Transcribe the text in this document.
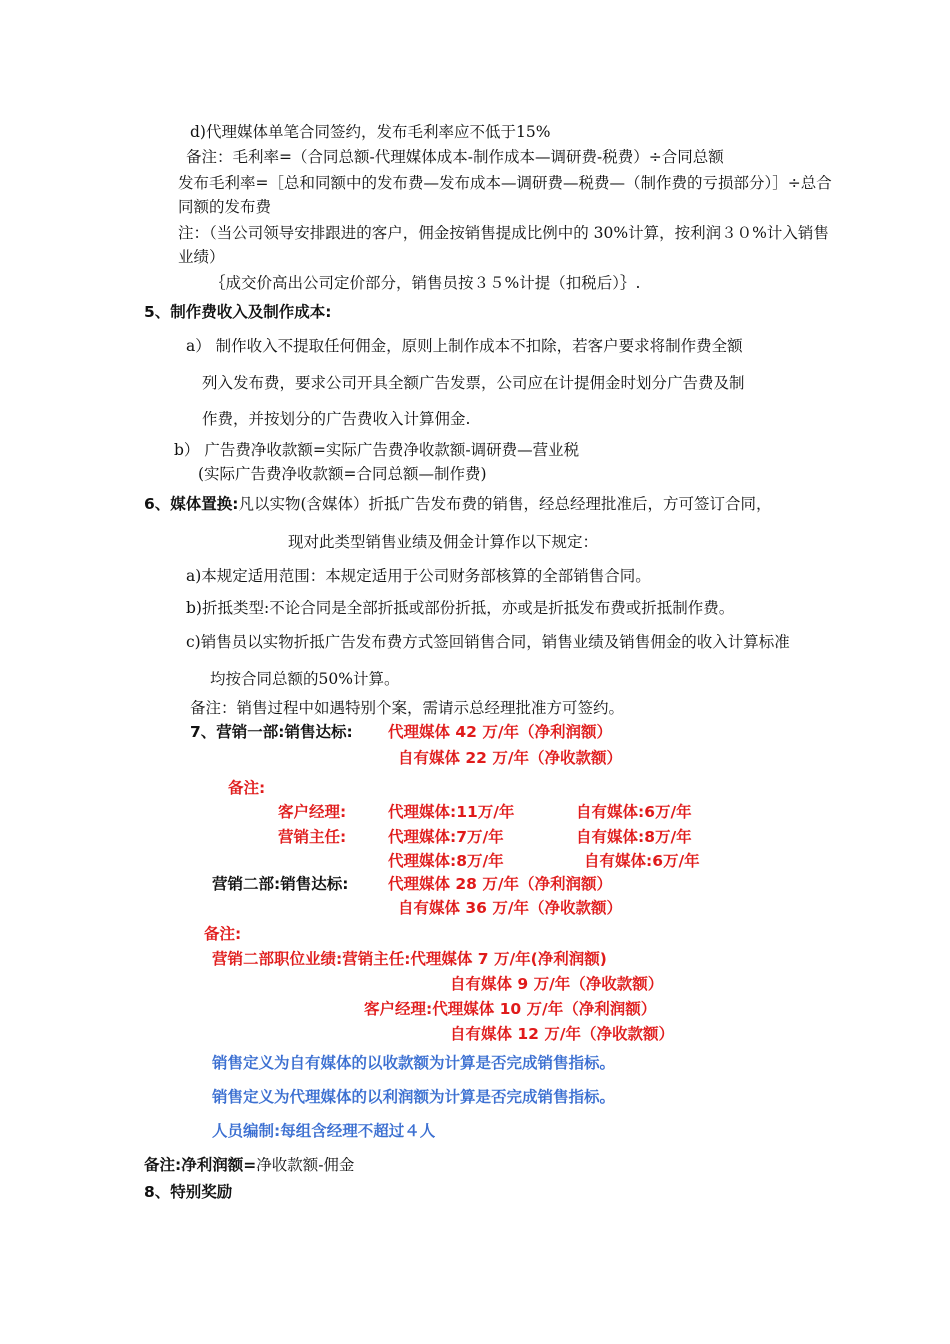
d)代理媒体单笔合同签约，发布毛利率应不低于15%
备注：毛利率=（合同总额-代理媒体成本-制作成本—调研费-税费）÷合同总额
发布毛利率=［总和同额中的发布费—发布成本—调研费—税费—（制作费的亏损部分）］÷总合
同额的发布费
注：（当公司领导安排跟进的客户，佣金按销售提成比例中的 30%计算，按利润３０%计入销售
业绩）
｛成交价高出公司定价部分，销售员按３５%计提（扣税后）｝.
5、制作费收入及制作成本:
a） 制作收入不提取任何佣金，原则上制作成本不扣除，若客户要求将制作费全额
列入发布费，要求公司开具全额广告发票，公司应在计提佣金时划分广告费及制
作费，并按划分的广告费收入计算佣金.
b） 广告费净收款额=实际广告费净收款额-调研费—营业税
(实际广告费净收款额=合同总额—制作费)
6、媒体置换:凡以实物(含媒体）折抵广告发布费的销售，经总经理批准后，方可签订合同，
现对此类型销售业绩及佣金计算作以下规定：
a)本规定适用范围：本规定适用于公司财务部核算的全部销售合同。
b)折抵类型:不论合同是全部折抵或部份折抵，亦或是折抵发布费或折抵制作费。
c)销售员以实物折抵广告发布费方式签回销售合同，销售业绩及销售佣金的收入计算标准
均按合同总额的50%计算。
备注：销售过程中如遇特别个案，需请示总经理批准方可签约。
7、营销一部:销售达标: 代理媒体 42 万/年（净利润额）
自有媒体 22 万/年（净收款额）
备注:
客户经理:	代理媒体:11万/年	自有媒体:6万/年
营销主任:	代理媒体:7万/年	自有媒体:8万/年
代理媒体:8万/年	自有媒体:6万/年
营销二部:销售达标:	代理媒体 28 万/年（净利润额）
自有媒体 36 万/年（净收款额）
备注:
营销二部职位业绩:营销主任:代理媒体 7 万/年(净利润额)
自有媒体 9 万/年（净收款额）
客户经理:代理媒体 10 万/年（净利润额）
自有媒体 12 万/年（净收款额）
销售定义为自有媒体的以收款额为计算是否完成销售指标。
销售定义为代理媒体的以利润额为计算是否完成销售指标。
人员编制:每组含经理不超过４人
备注:净利润额=净收款额-佣金
8、特别奖励
